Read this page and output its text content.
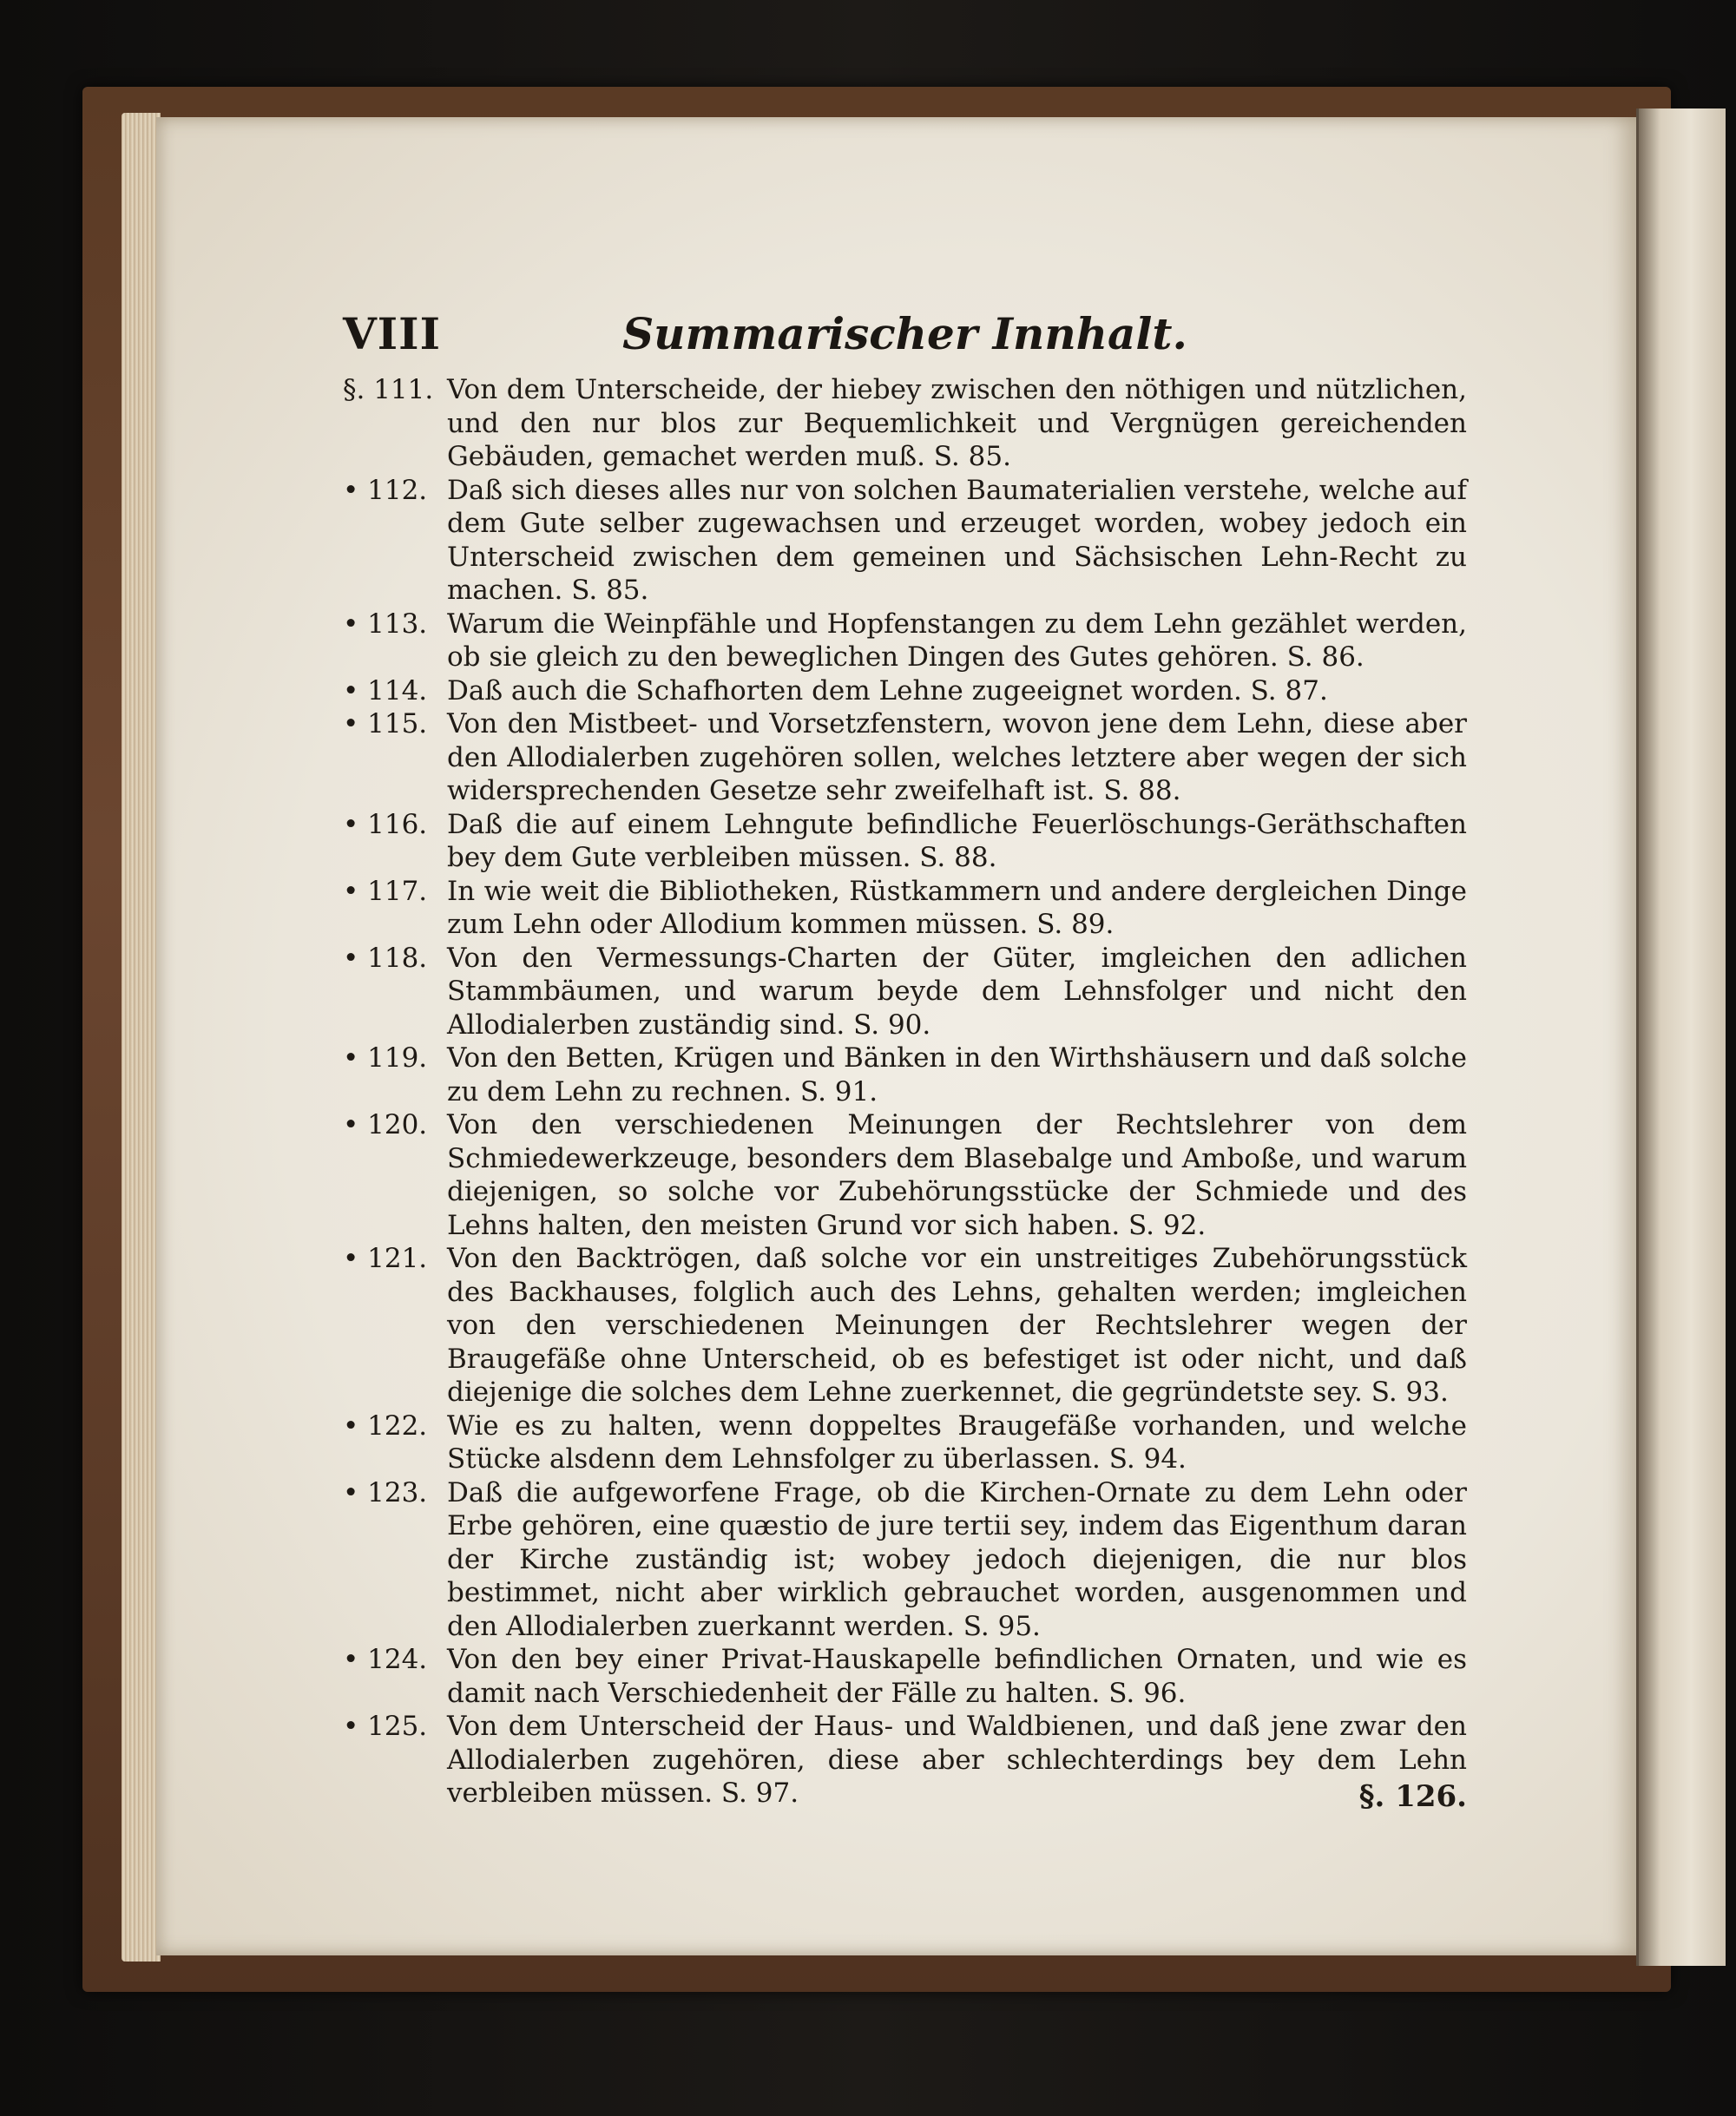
VIII	Summarischer Innhalt.

§. 111. Von dem Unterscheide, der hiebey zwischen den nöthigen und nützlichen, und den nur blos zur Bequemlichkeit und Vergnügen gereichenden Gebäuden, gemachet werden muß. S. 85.

• 112. Daß sich dieses alles nur von solchen Baumaterialien verstehe, welche auf dem Gute selber zugewachsen und erzeuget worden, wobey jedoch ein Unterscheid zwischen dem gemeinen und Sächsischen Lehn-Recht zu machen. S. 85.

• 113. Warum die Weinpfähle und Hopfenstangen zu dem Lehn gezählet werden, ob sie gleich zu den beweglichen Dingen des Gutes gehören. S. 86.

• 114. Daß auch die Schafhorten dem Lehne zugeeignet worden. S. 87.

• 115. Von den Mistbeet- und Vorsetzfenstern, wovon jene dem Lehn, diese aber den Allodialerben zugehören sollen, welches letztere aber wegen der sich widersprechenden Gesetze sehr zweifelhaft ist. S. 88.

• 116. Daß die auf einem Lehngute befindliche Feuerlöschungs-Geräthschaften bey dem Gute verbleiben müssen. S. 88.

• 117. In wie weit die Bibliotheken, Rüstkammern und andere dergleichen Dinge zum Lehn oder Allodium kommen müssen. S. 89.

• 118. Von den Vermessungs-Charten der Güter, imgleichen den adlichen Stammbäumen, und warum beyde dem Lehnsfolger und nicht den Allodialerben zuständig sind. S. 90.

• 119. Von den Betten, Krügen und Bänken in den Wirthshäusern und daß solche zu dem Lehn zu rechnen. S. 91.

• 120. Von den verschiedenen Meinungen der Rechtslehrer von dem Schmiedewerkzeuge, besonders dem Blasebalge und Amboße, und warum diejenigen, so solche vor Zubehörungsstücke der Schmiede und des Lehns halten, den meisten Grund vor sich haben. S. 92.

• 121. Von den Backtrögen, daß solche vor ein unstreitiges Zubehörungsstück des Backhauses, folglich auch des Lehns, gehalten werden; imgleichen von den verschiedenen Meinungen der Rechtslehrer wegen der Braugefäße ohne Unterscheid, ob es befestiget ist oder nicht, und daß diejenige die solches dem Lehne zuerkennet, die gegründetste sey. S. 93.

• 122. Wie es zu halten, wenn doppeltes Braugefäße vorhanden, und welche Stücke alsdenn dem Lehnsfolger zu überlassen. S. 94.

• 123. Daß die aufgeworfene Frage, ob die Kirchen-Ornate zu dem Lehn oder Erbe gehören, eine quæstio de jure tertii sey, indem das Eigenthum daran der Kirche zuständig ist; wobey jedoch diejenigen, die nur blos bestimmet, nicht aber wirklich gebrauchet worden, ausgenommen und den Allodialerben zuerkannt werden. S. 95.

• 124. Von den bey einer Privat-Hauskapelle befindlichen Ornaten, und wie es damit nach Verschiedenheit der Fälle zu halten. S. 96.

• 125. Von dem Unterscheid der Haus- und Waldbienen, und daß jene zwar den Allodialerben zugehören, diese aber schlechterdings bey dem Lehn verbleiben müssen. S. 97.	§. 126.
